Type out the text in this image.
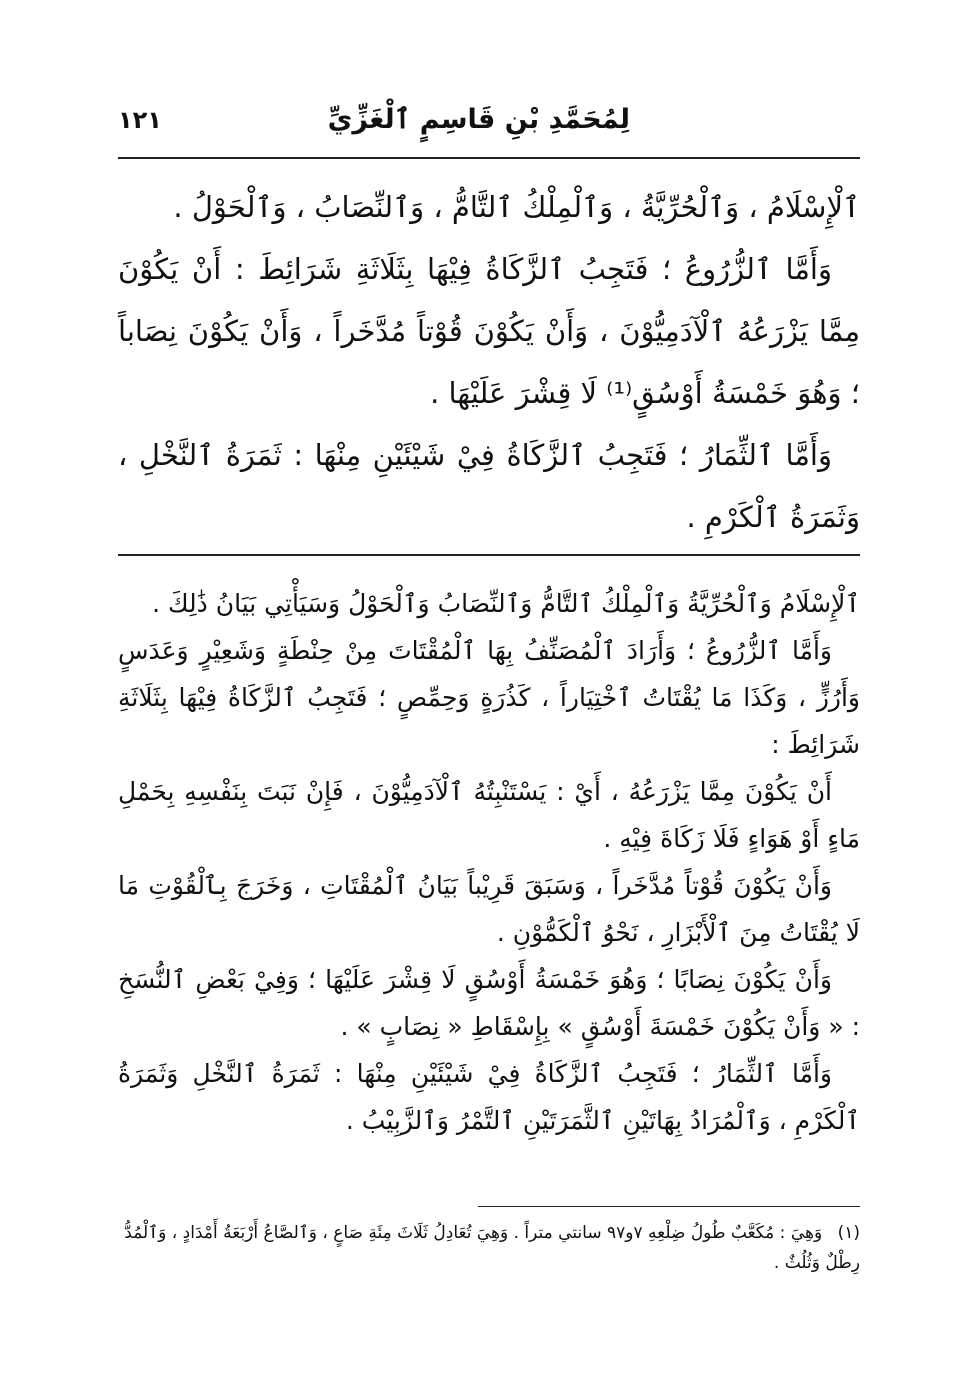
لِمُحَمَّدِ بْنِ قَاسِمٍ ٱلْغَزِّيِّ
١٢١

ٱلْإِسْلَامُ ، وَٱلْحُرِّيَّةُ ، وَٱلْمِلْكُ ٱلتَّامُّ ، وَٱلنِّصَابُ ، وَٱلْحَوْلُ .

وَأَمَّا ٱلزُّرُوعُ ؛ فَتَجِبُ ٱلزَّكَاةُ فِيْهَا بِثَلَاثَةِ شَرَائِطَ : أَنْ يَكُوْنَ مِمَّا يَزْرَعُهُ ٱلْآدَمِيُّوْنَ ، وَأَنْ يَكُوْنَ قُوْتاً مُدَّخَراً ، وَأَنْ يَكُوْنَ نِصَاباً ؛ وَهُوَ خَمْسَةُ أَوْسُقٍ⁽¹⁾ لَا قِشْرَ عَلَيْهَا .

وَأَمَّا ٱلثِّمَارُ ؛ فَتَجِبُ ٱلزَّكَاةُ فِيْ شَيْئَيْنِ مِنْهَا : ثَمَرَةُ ٱلنَّخْلِ ، وَثَمَرَةُ ٱلْكَرْمِ .

ٱلْإِسْلَامُ وَٱلْحُرِّيَّةُ وَٱلْمِلْكُ ٱلتَّامُّ وَٱلنِّصَابُ وَٱلْحَوْلُ وَسَيَأْتِي بَيَانُ ذَٰلِكَ .

وَأَمَّا ٱلزُّرُوعُ ؛ وَأَرَادَ ٱلْمُصَنِّفُ بِهَا ٱلْمُقْتَاتَ مِنْ حِنْطَةٍ وَشَعِيْرٍ وَعَدَسٍ وَأَرُزٍّ ، وَكَذَا مَا يُقْتَاتُ ٱخْتِيَاراً ، كَذُرَةٍ وَحِمِّصٍ ؛ فَتَجِبُ ٱلزَّكَاةُ فِيْهَا بِثَلَاثَةِ شَرَائِطَ :

أَنْ يَكُوْنَ مِمَّا يَزْرَعُهُ ، أَيْ : يَسْتَنْبِتُهُ ٱلْآدَمِيُّوْنَ ، فَإِنْ نَبَتَ بِنَفْسِهِ بِحَمْلِ مَاءٍ أَوْ هَوَاءٍ فَلَا زَكَاةَ فِيْهِ .

وَأَنْ يَكُوْنَ قُوْتاً مُدَّخَراً ، وَسَبَقَ قَرِيْباً بَيَانُ ٱلْمُقْتَاتِ ، وَخَرَجَ بِٱلْقُوْتِ مَا لَا يُقْتَاتُ مِنَ ٱلْأَبْزَارِ ، نَحْوُ ٱلْكَمُّوْنِ .

وَأَنْ يَكُوْنَ نِصَابًا ؛ وَهُوَ خَمْسَةُ أَوْسُقٍ لَا قِشْرَ عَلَيْهَا ؛ وَفِيْ بَعْضِ ٱلنُّسَخِ : « وَأَنْ يَكُوْنَ خَمْسَةَ أَوْسُقٍ » بِإِسْقَاطِ « نِصَابٍ » .

وَأَمَّا ٱلثِّمَارُ ؛ فَتَجِبُ ٱلزَّكَاةُ فِيْ شَيْئَيْنِ مِنْهَا : ثَمَرَةُ ٱلنَّخْلِ وَثَمَرَةُ ٱلْكَرْمِ ، وَٱلْمُرَادُ بِهَاتَيْنِ ٱلثَّمَرَتَيْنِ ٱلتَّمْرُ وَٱلزَّبِيْبُ .

(١) وَهِيَ : مُكَعَّبٌ طُولُ ضِلْعِهِ ٧و٩٧ سانتي متراً . وَهِيَ تُعَادِلُ ثَلَاثَ مِئَةِ صَاعٍ ، وَٱلصَّاعُ أَرْبَعَةُ أَمْدَادٍ ، وَٱلْمُدُّ رِطْلٌ وَثُلُثٌ .
